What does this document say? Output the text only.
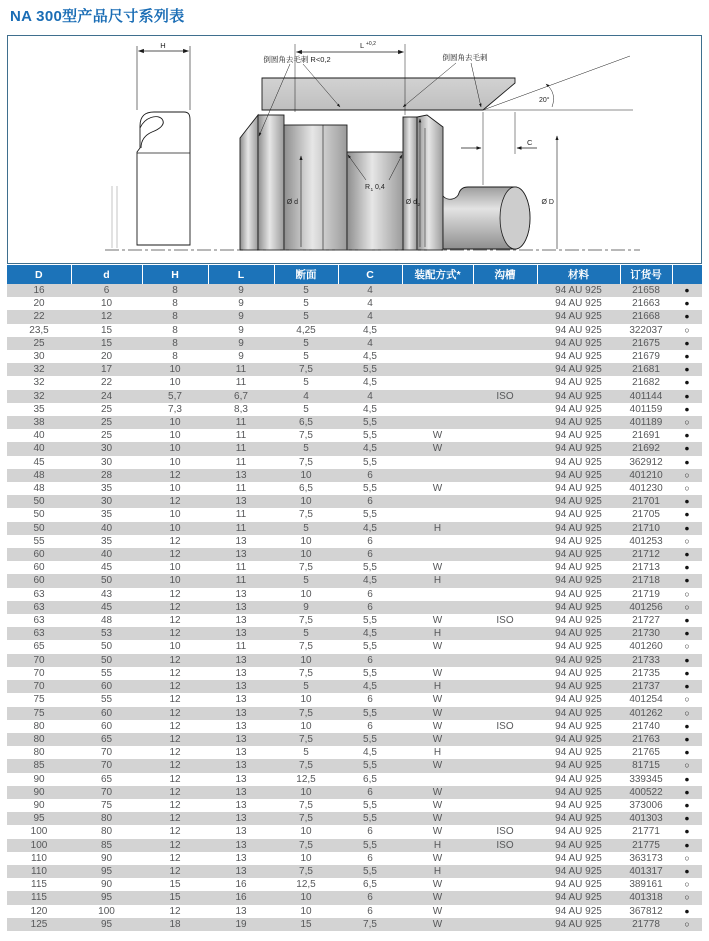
NA 300型产品尺寸系列表
H	L +0,2
倒圆角去毛刺 R<0,2	倒圆角去毛刺
20°
C
Ø d
R 1 0,4
Ø d 2	Ø D
D	d	H	L	断面	C	装配方式*	沟槽	材料	订货号	
16	6	8	9	5	4			94 AU 925	21658	●
20	10	8	9	5	4			94 AU 925	21663	●
22	12	8	9	5	4			94 AU 925	21668	●
23,5	15	8	9	4,25	4,5			94 AU 925	322037	○
25	15	8	9	5	4			94 AU 925	21675	●
30	20	8	9	5	4,5			94 AU 925	21679	●
32	17	10	11	7,5	5,5			94 AU 925	21681	●
32	22	10	11	5	4,5			94 AU 925	21682	●
32	24	5,7	6,7	4	4		ISO	94 AU 925	401144	●
35	25	7,3	8,3	5	4,5			94 AU 925	401159	●
38	25	10	11	6,5	5,5			94 AU 925	401189	○
40	25	10	11	7,5	5,5	W		94 AU 925	21691	●
40	30	10	11	5	4,5	W		94 AU 925	21692	●
45	30	10	11	7,5	5,5			94 AU 925	362912	●
48	28	12	13	10	6			94 AU 925	401210	○
48	35	10	11	6,5	5,5	W		94 AU 925	401230	○
50	30	12	13	10	6			94 AU 925	21701	●
50	35	10	11	7,5	5,5			94 AU 925	21705	●
50	40	10	11	5	4,5	H		94 AU 925	21710	●
55	35	12	13	10	6			94 AU 925	401253	○
60	40	12	13	10	6			94 AU 925	21712	●
60	45	10	11	7,5	5,5	W		94 AU 925	21713	●
60	50	10	11	5	4,5	H		94 AU 925	21718	●
63	43	12	13	10	6			94 AU 925	21719	○
63	45	12	13	9	6			94 AU 925	401256	○
63	48	12	13	7,5	5,5	W	ISO	94 AU 925	21727	●
63	53	12	13	5	4,5	H		94 AU 925	21730	●
65	50	10	11	7,5	5,5	W		94 AU 925	401260	○
70	50	12	13	10	6			94 AU 925	21733	●
70	55	12	13	7,5	5,5	W		94 AU 925	21735	●
70	60	12	13	5	4,5	H		94 AU 925	21737	●
75	55	12	13	10	6	W		94 AU 925	401254	○
75	60	12	13	7,5	5,5	W		94 AU 925	401262	○
80	60	12	13	10	6	W	ISO	94 AU 925	21740	●
80	65	12	13	7,5	5,5	W		94 AU 925	21763	●
80	70	12	13	5	4,5	H		94 AU 925	21765	●
85	70	12	13	7,5	5,5	W		94 AU 925	81715	○
90	65	12	13	12,5	6,5			94 AU 925	339345	●
90	70	12	13	10	6	W		94 AU 925	400522	●
90	75	12	13	7,5	5,5	W		94 AU 925	373006	●
95	80	12	13	7,5	5,5	W		94 AU 925	401303	●
100	80	12	13	10	6	W	ISO	94 AU 925	21771	●
100	85	12	13	7,5	5,5	H	ISO	94 AU 925	21775	●
110	90	12	13	10	6	W		94 AU 925	363173	○
110	95	12	13	7,5	5,5	H		94 AU 925	401317	●
115	90	15	16	12,5	6,5	W		94 AU 925	389161	○
115	95	15	16	10	6	W		94 AU 925	401318	○
120	100	12	13	10	6	W		94 AU 925	367812	●
125	95	18	19	15	7,5	W		94 AU 925	21778	○
